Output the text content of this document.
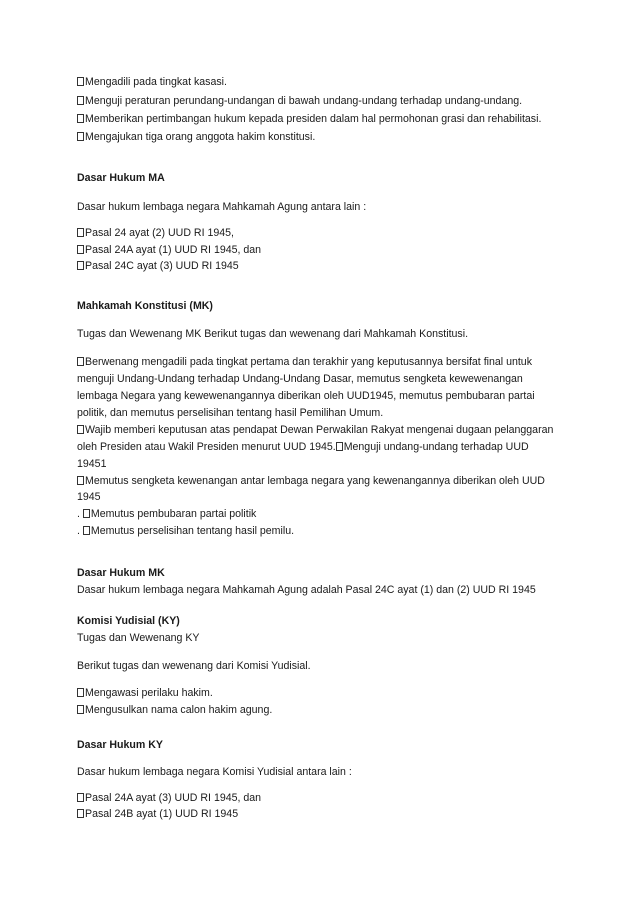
Mengadili pada tingkat kasasi.
Menguji peraturan perundang-undangan di bawah undang-undang terhadap undang-undang.
Memberikan pertimbangan hukum kepada presiden dalam hal permohonan grasi dan rehabilitasi.
Mengajukan tiga orang anggota hakim konstitusi.
Dasar Hukum MA
Dasar hukum lembaga negara Mahkamah Agung antara lain :
Pasal 24 ayat (2) UUD RI 1945,
Pasal 24A ayat (1) UUD RI 1945, dan
Pasal 24C ayat (3) UUD RI 1945
Mahkamah Konstitusi (MK)
Tugas dan Wewenang MK Berikut tugas dan wewenang dari Mahkamah Konstitusi.
Berwenang mengadili pada tingkat pertama dan terakhir yang keputusannya bersifat final untuk
menguji Undang-Undang terhadap Undang-Undang Dasar, memutus sengketa kewewenangan
lembaga Negara yang kewewenangannya diberikan oleh UUD1945, memutus pembubaran partai
politik, dan memutus perselisihan tentang hasil Pemilihan Umum.
Wajib memberi keputusan atas pendapat Dewan Perwakilan Rakyat mengenai dugaan pelanggaran
oleh Presiden atau Wakil Presiden menurut UUD 1945. Menguji undang-undang terhadap UUD
19451
Memutus sengketa kewenangan antar lembaga negara yang kewenangannya diberikan oleh UUD
1945
. Memutus pembubaran partai politik
. Memutus perselisihan tentang hasil pemilu.
Dasar Hukum MK
Dasar hukum lembaga negara Mahkamah Agung adalah Pasal 24C ayat (1) dan (2) UUD RI 1945
Komisi Yudisial (KY)
Tugas dan Wewenang KY
Berikut tugas dan wewenang dari Komisi Yudisial.
Mengawasi perilaku hakim.
Mengusulkan nama calon hakim agung.
Dasar Hukum KY
Dasar hukum lembaga negara Komisi Yudisial antara lain :
Pasal 24A ayat (3) UUD RI 1945, dan
Pasal 24B ayat (1) UUD RI 1945
